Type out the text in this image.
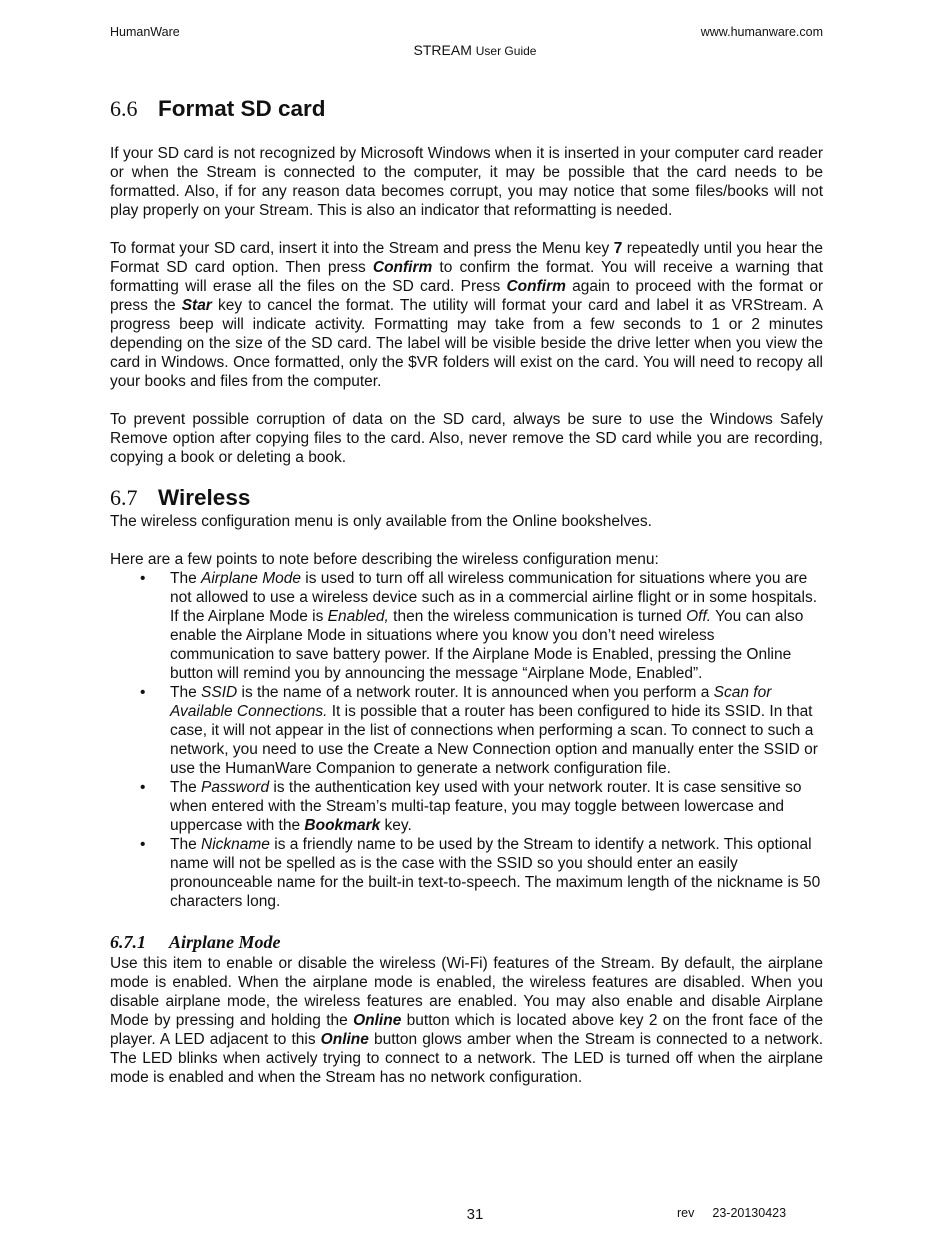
HumanWare	www.humanware.com
STREAM User Guide
6.6 Format SD card

If your SD card is not recognized by Microsoft Windows when it is inserted in your computer card reader or when the Stream is connected to the computer, it may be possible that the card needs to be formatted. Also, if for any reason data becomes corrupt, you may notice that some files/books will not play properly on your Stream. This is also an indicator that reformatting is needed.

To format your SD card, insert it into the Stream and press the Menu key 7 repeatedly until you hear the Format SD card option. Then press Confirm to confirm the format. You will receive a warning that formatting will erase all the files on the SD card. Press Confirm again to proceed with the format or press the Star key to cancel the format. The utility will format your card and label it as VRStream. A progress beep will indicate activity. Formatting may take from a few seconds to 1 or 2 minutes depending on the size of the SD card. The label will be visible beside the drive letter when you view the card in Windows. Once formatted, only the $VR folders will exist on the card. You will need to recopy all your books and files from the computer.

To prevent possible corruption of data on the SD card, always be sure to use the Windows Safely Remove option after copying files to the card. Also, never remove the SD card while you are recording, copying a book or deleting a book.

6.7 Wireless

The wireless configuration menu is only available from the Online bookshelves.

Here are a few points to note before describing the wireless configuration menu:

• The Airplane Mode is used to turn off all wireless communication for situations where you are not allowed to use a wireless device such as in a commercial airline flight or in some hospitals. If the Airplane Mode is Enabled, then the wireless communication is turned Off. You can also enable the Airplane Mode in situations where you know you don’t need wireless communication to save battery power. If the Airplane Mode is Enabled, pressing the Online button will remind you by announcing the message “Airplane Mode, Enabled”.
• The SSID is the name of a network router. It is announced when you perform a Scan for Available Connections. It is possible that a router has been configured to hide its SSID. In that case, it will not appear in the list of connections when performing a scan. To connect to such a network, you need to use the Create a New Connection option and manually enter the SSID or use the HumanWare Companion to generate a network configuration file.
• The Password is the authentication key used with your network router. It is case sensitive so when entered with the Stream’s multi-tap feature, you may toggle between lowercase and uppercase with the Bookmark key.
• The Nickname is a friendly name to be used by the Stream to identify a network. This optional name will not be spelled as is the case with the SSID so you should enter an easily pronounceable name for the built-in text-to-speech. The maximum length of the nickname is 50 characters long.
6.7.1	Airplane Mode

Use this item to enable or disable the wireless (Wi-Fi) features of the Stream. By default, the airplane mode is enabled. When the airplane mode is enabled, the wireless features are disabled. When you disable airplane mode, the wireless features are enabled. You may also enable and disable Airplane Mode by pressing and holding the Online button which is located above key 2 on the front face of the player. A LED adjacent to this Online button glows amber when the Stream is connected to a network. The LED blinks when actively trying to connect to a network. The LED is turned off when the airplane mode is enabled and when the Stream has no network configuration.

31	rev 23-20130423
